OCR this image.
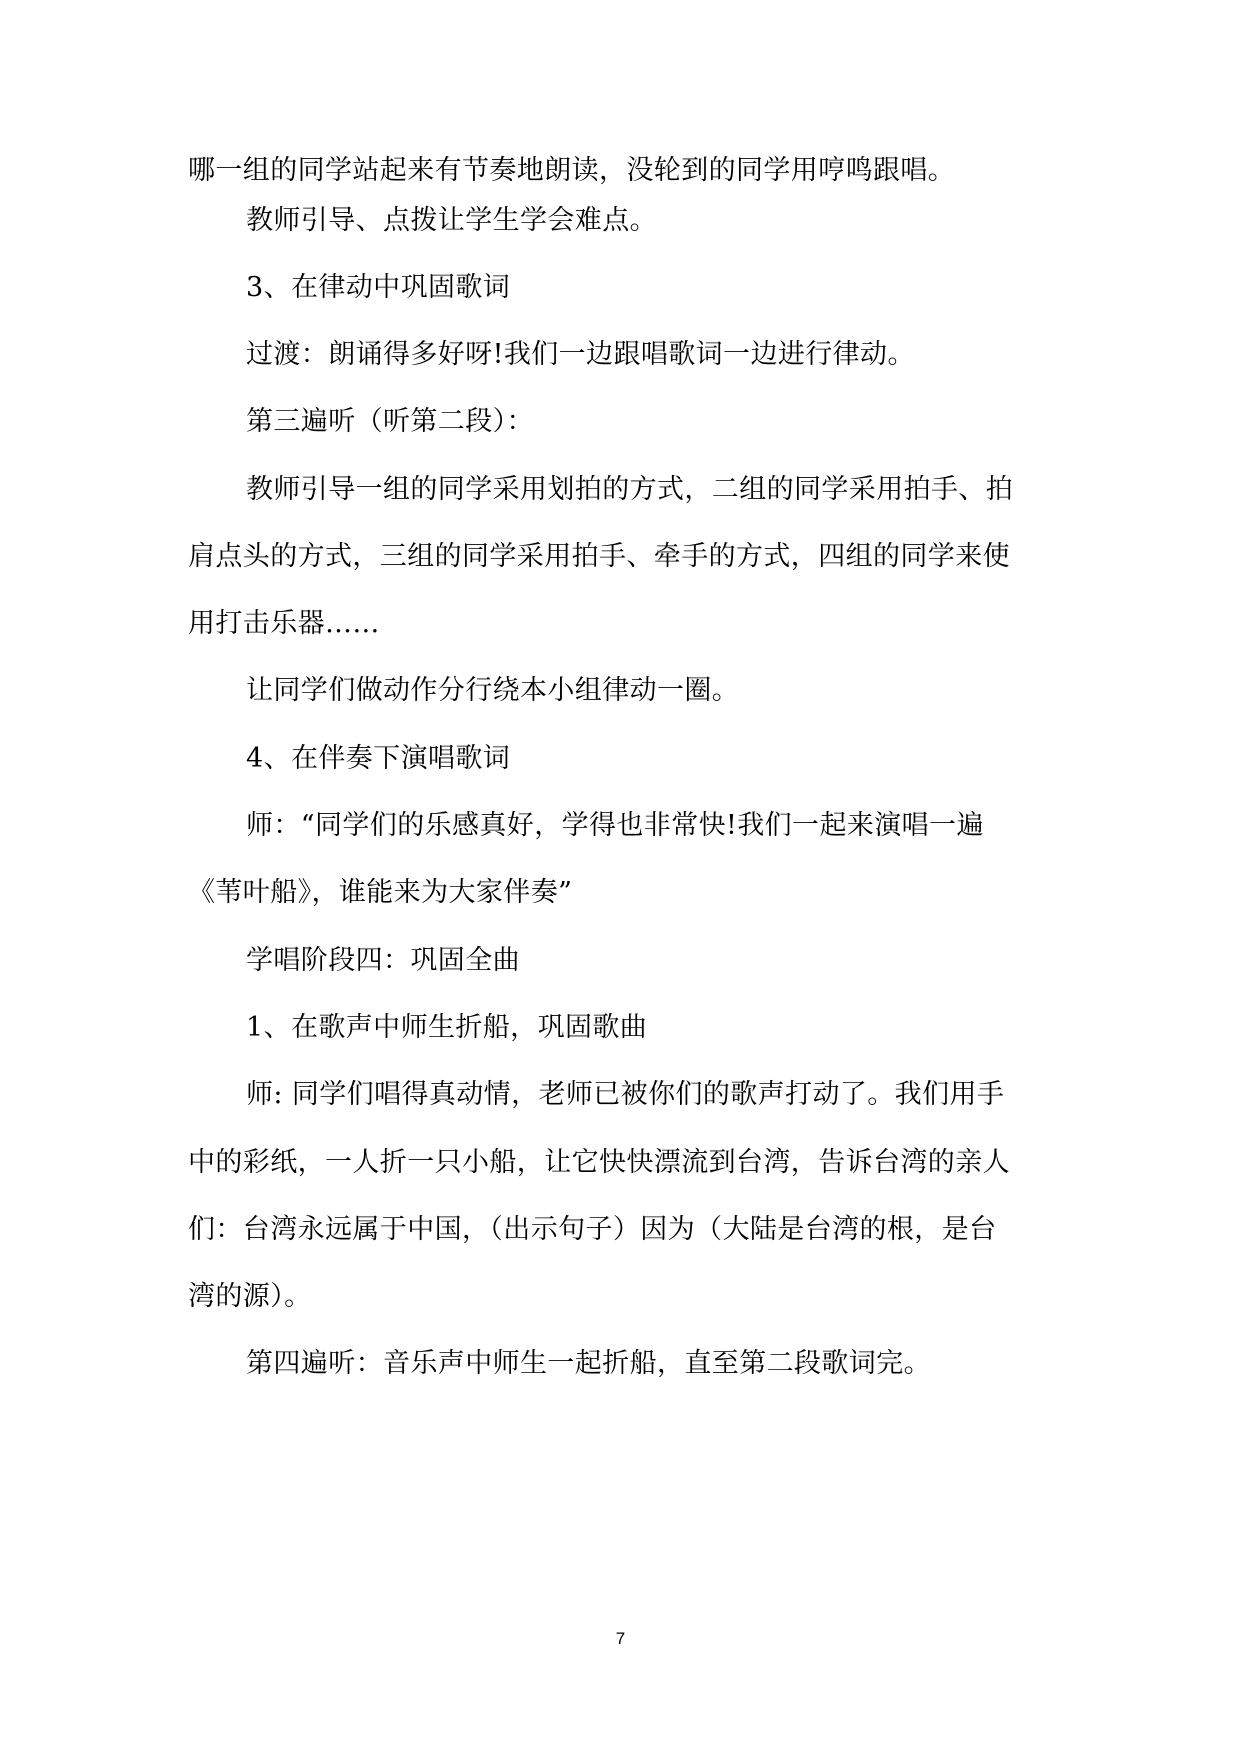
哪一组的同学站起来有节奏地朗读，没轮到的同学用哼鸣跟唱。
教师引导、点拨让学生学会难点。
3、在律动中巩固歌词
过渡：朗诵得多好呀!我们一边跟唱歌词一边进行律动。
第三遍听（听第二段）：
教师引导一组的同学采用划拍的方式，二组的同学采用拍手、拍
肩点头的方式，三组的同学采用拍手、牵手的方式，四组的同学来使
用打击乐器……
让同学们做动作分行绕本小组律动一圈。
4、在伴奏下演唱歌词
师：“同学们的乐感真好，学得也非常快!我们一起来演唱一遍
《苇叶船》，谁能来为大家伴奏”
学唱阶段四：巩固全曲
1、在歌声中师生折船，巩固歌曲
师: 同学们唱得真动情，老师已被你们的歌声打动了。我们用手
中的彩纸，一人折一只小船，让它快快漂流到台湾，告诉台湾的亲人
们：台湾永远属于中国，（出示句子）因为（大陆是台湾的根，是台
湾的源）。
第四遍听：音乐声中师生一起折船，直至第二段歌词完。
7
